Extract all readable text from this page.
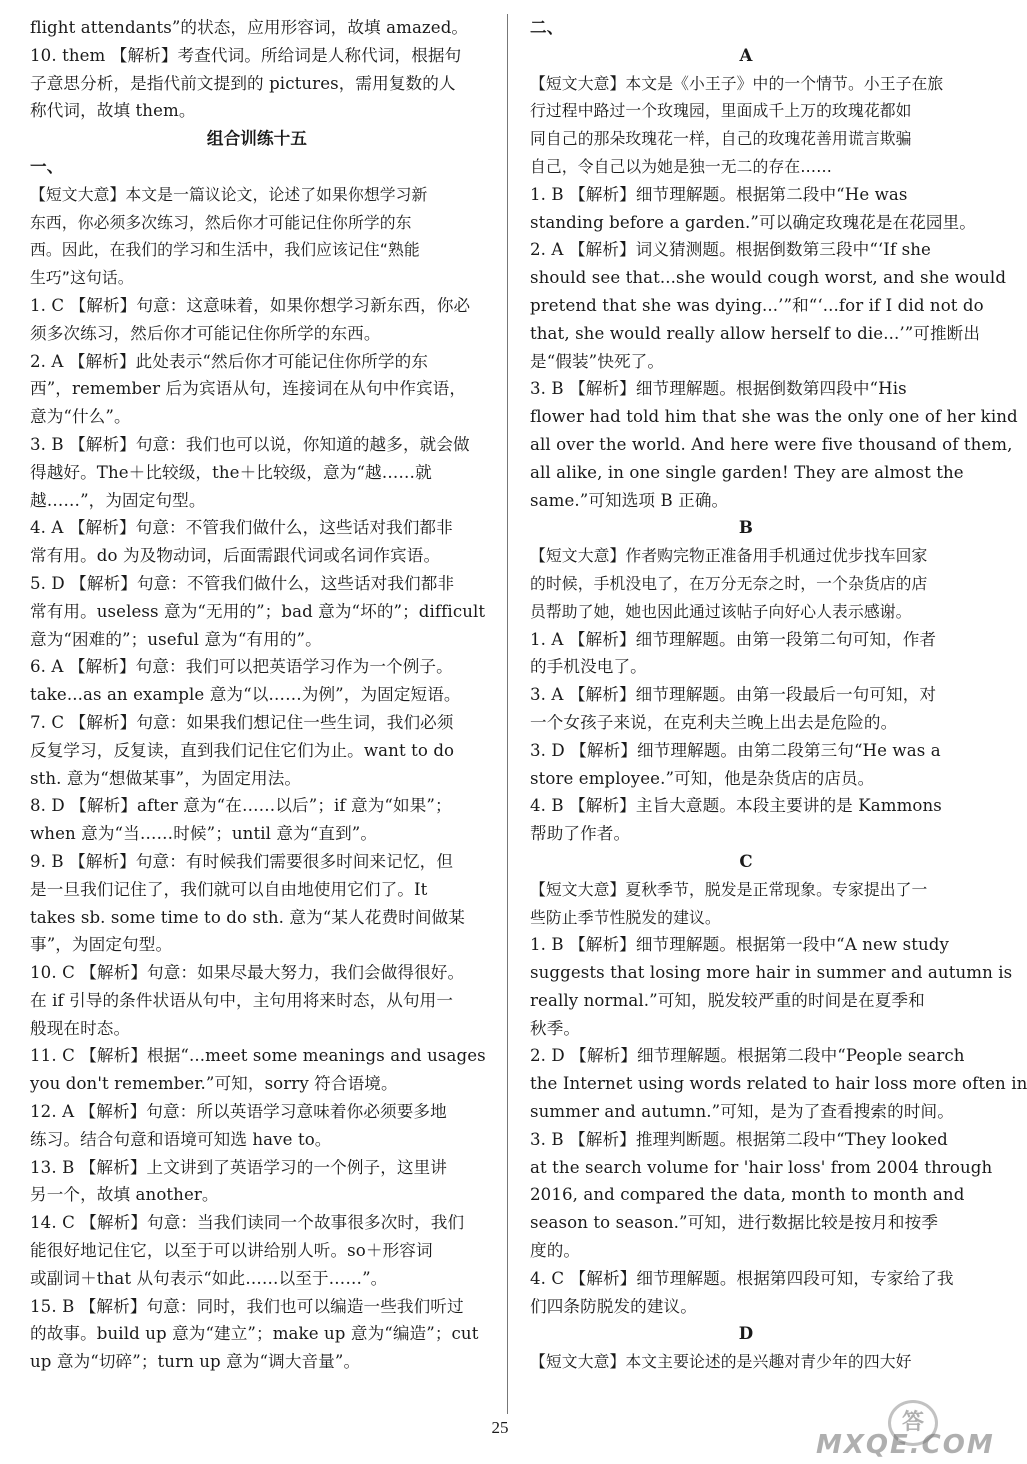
flight attendants”的状态，应用形容词，故填 amazed。
10. them 【解析】考查代词。所给词是人称代词，根据句
子意思分析，是指代前文提到的 pictures，需用复数的人
称代词，故填 them。
组合训练十五
一、
【短文大意】本文是一篇议论文，论述了如果你想学习新
东西，你必须多次练习，然后你才可能记住你所学的东
西。因此，在我们的学习和生活中，我们应该记住“熟能
生巧”这句话。
1. C 【解析】句意：这意味着，如果你想学习新东西，你必
须多次练习，然后你才可能记住你所学的东西。
2. A 【解析】此处表示“然后你才可能记住你所学的东
西”，remember 后为宾语从句，连接词在从句中作宾语，
意为“什么”。
3. B 【解析】句意：我们也可以说，你知道的越多，就会做
得越好。The＋比较级，the＋比较级，意为“越……就
越……”，为固定句型。
4. A 【解析】句意：不管我们做什么，这些话对我们都非
常有用。do 为及物动词，后面需跟代词或名词作宾语。
5. D 【解析】句意：不管我们做什么，这些话对我们都非
常有用。useless 意为“无用的”；bad 意为“坏的”；difficult
意为“困难的”；useful 意为“有用的”。
6. A 【解析】句意：我们可以把英语学习作为一个例子。
take...as an example 意为“以……为例”，为固定短语。
7. C 【解析】句意：如果我们想记住一些生词，我们必须
反复学习，反复读，直到我们记住它们为止。want to do
sth. 意为“想做某事”，为固定用法。
8. D 【解析】after 意为“在……以后”；if 意为“如果”；
when 意为“当……时候”；until 意为“直到”。
9. B 【解析】句意：有时候我们需要很多时间来记忆，但
是一旦我们记住了，我们就可以自由地使用它们了。It
takes sb. some time to do sth. 意为“某人花费时间做某
事”，为固定句型。
10. C 【解析】句意：如果尽最大努力，我们会做得很好。
在 if 引导的条件状语从句中，主句用将来时态，从句用一
般现在时态。
11. C 【解析】根据“...meet some meanings and usages
you don't remember.”可知，sorry 符合语境。
12. A 【解析】句意：所以英语学习意味着你必须要多地
练习。结合句意和语境可知选 have to。
13. B 【解析】上文讲到了英语学习的一个例子，这里讲
另一个，故填 another。
14. C 【解析】句意：当我们读同一个故事很多次时，我们
能很好地记住它，以至于可以讲给别人听。so＋形容词
或副词＋that 从句表示“如此……以至于……”。
15. B 【解析】句意：同时，我们也可以编造一些我们听过
的故事。build up 意为“建立”；make up 意为“编造”；cut
up 意为“切碎”；turn up 意为“调大音量”。
二、
A
【短文大意】本文是《小王子》中的一个情节。小王子在旅
行过程中路过一个玫瑰园，里面成千上万的玫瑰花都如
同自己的那朵玫瑰花一样，自己的玫瑰花善用谎言欺骗
自己，令自己以为她是独一无二的存在……
1. B 【解析】细节理解题。根据第二段中“He was
standing before a garden.”可以确定玫瑰花是在花园里。
2. A 【解析】词义猜测题。根据倒数第三段中“‘If she
should see that...she would cough worst, and she would
pretend that she was dying...’”和“‘...for if I did not do
that, she would really allow herself to die...’”可推断出
是“假装”快死了。
3. B 【解析】细节理解题。根据倒数第四段中“His
flower had told him that she was the only one of her kind
all over the world. And here were five thousand of them,
all alike, in one single garden! They are almost the
same.”可知选项 B 正确。
B
【短文大意】作者购完物正准备用手机通过优步找车回家
的时候，手机没电了，在万分无奈之时，一个杂货店的店
员帮助了她，她也因此通过该帖子向好心人表示感谢。
1. A 【解析】细节理解题。由第一段第二句可知，作者
的手机没电了。
3. A 【解析】细节理解题。由第一段最后一句可知，对
一个女孩子来说，在克利夫兰晚上出去是危险的。
3. D 【解析】细节理解题。由第二段第三句“He was a
store employee.”可知，他是杂货店的店员。
4. B 【解析】主旨大意题。本段主要讲的是 Kammons
帮助了作者。
C
【短文大意】夏秋季节，脱发是正常现象。专家提出了一
些防止季节性脱发的建议。
1. B 【解析】细节理解题。根据第一段中“A new study
suggests that losing more hair in summer and autumn is
really normal.”可知，脱发较严重的时间是在夏季和
秋季。
2. D 【解析】细节理解题。根据第二段中“People search
the Internet using words related to hair loss more often in
summer and autumn.”可知，是为了查看搜索的时间。
3. B 【解析】推理判断题。根据第二段中“They looked
at the search volume for 'hair loss' from 2004 through
2016, and compared the data, month to month and
season to season.”可知，进行数据比较是按月和按季
度的。
4. C 【解析】细节理解题。根据第四段可知，专家给了我
们四条防脱发的建议。
D
【短文大意】本文主要论述的是兴趣对青少年的四大好
25	答
MXQE.COM
